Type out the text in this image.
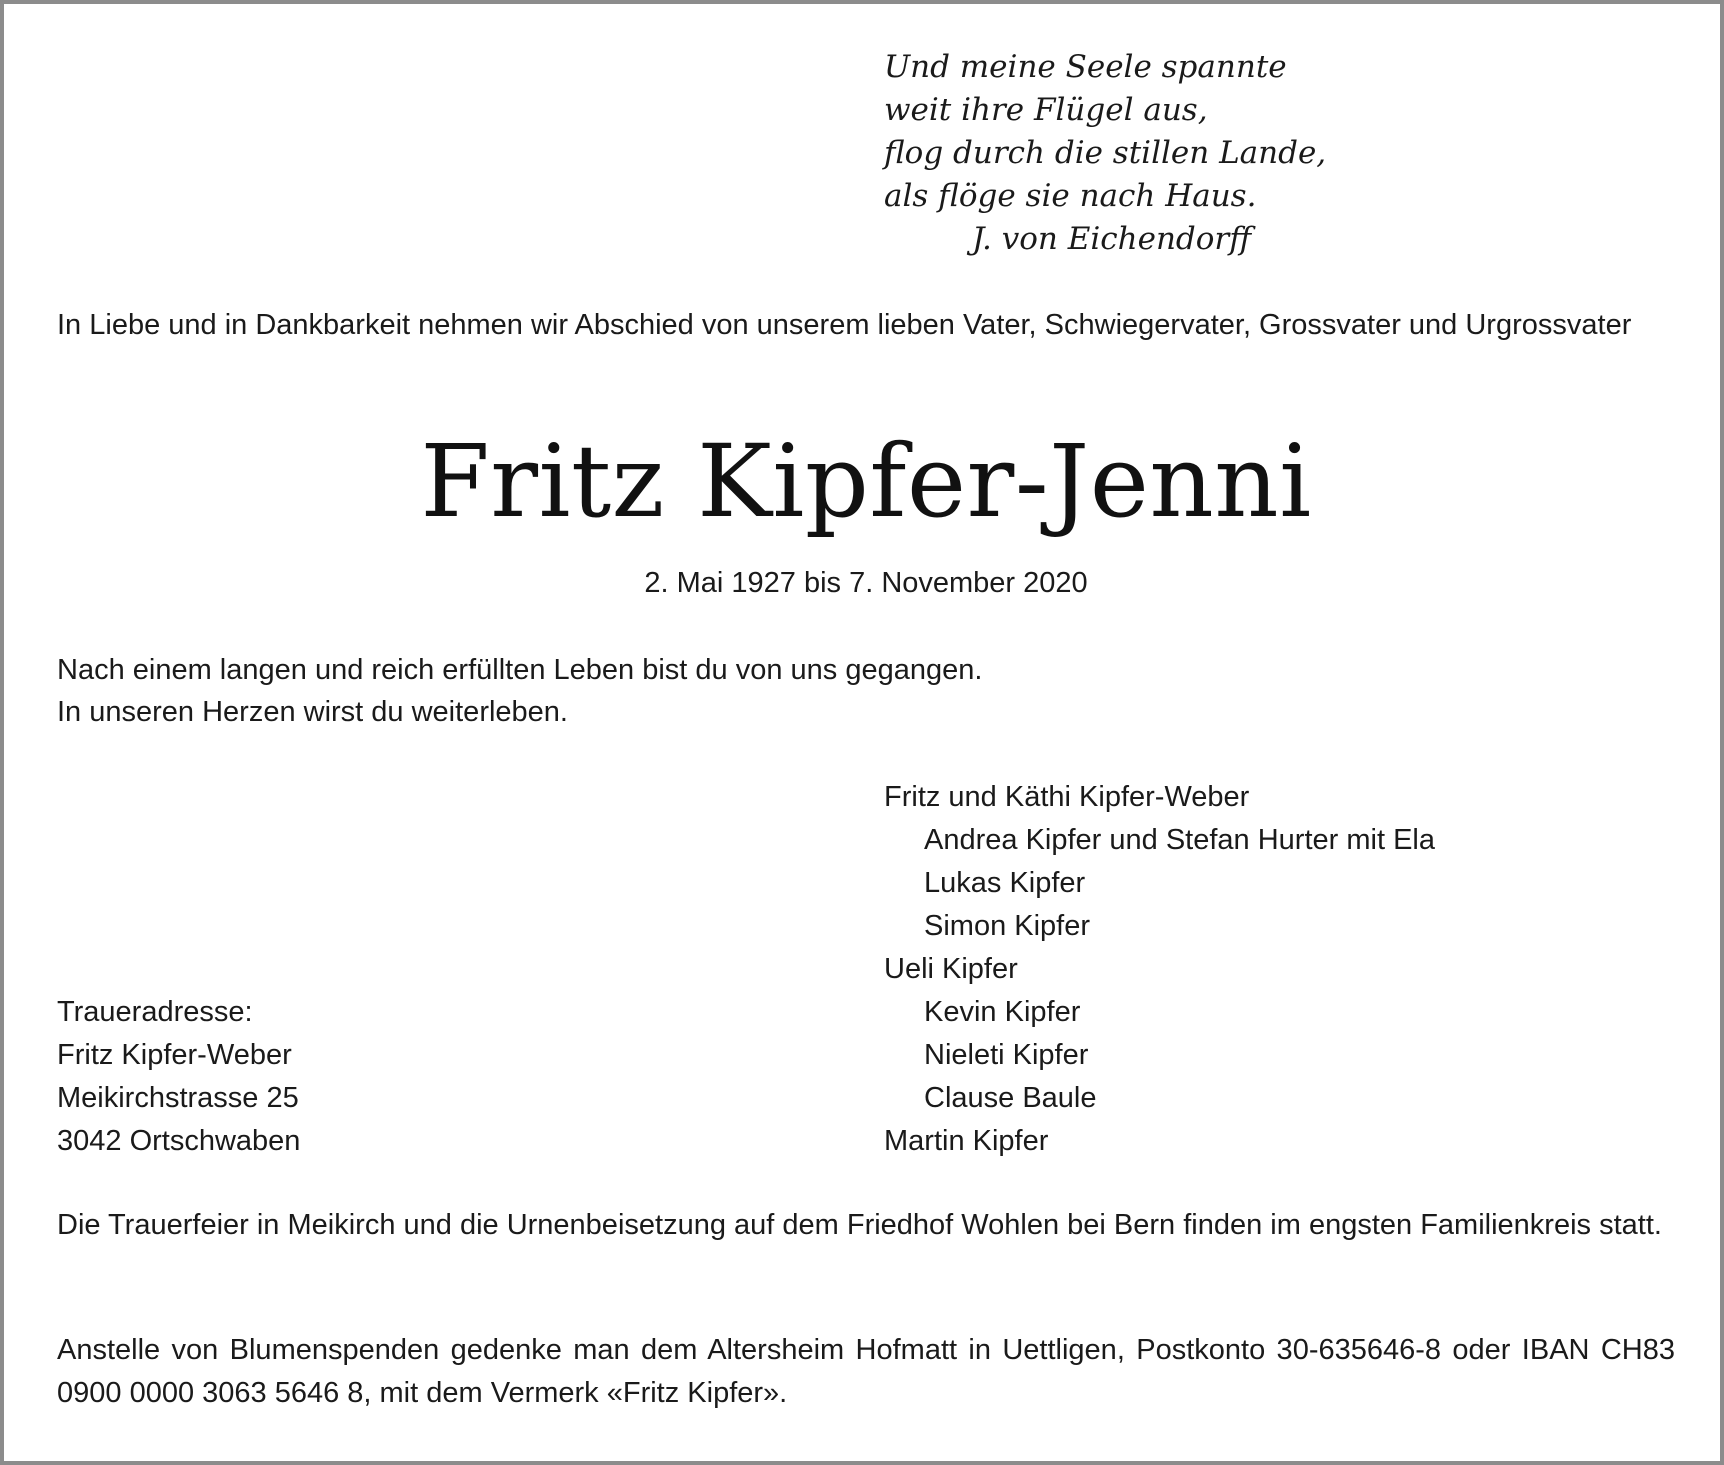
Und meine Seele spannte
weit ihre Flügel aus,
flog durch die stillen Lande,
als flöge sie nach Haus.
J. von Eichendorff
In Liebe und in Dankbarkeit nehmen wir Abschied von unserem lieben Vater, Schwiegervater, Grossvater und Urgrossvater
Fritz Kipfer-Jenni
2. Mai 1927 bis 7. November 2020
Nach einem langen und reich erfüllten Leben bist du von uns gegangen.
In unseren Herzen wirst du weiterleben.
Fritz und Käthi Kipfer-Weber
Andrea Kipfer und Stefan Hurter mit Ela
Lukas Kipfer
Simon Kipfer
Ueli Kipfer
Kevin Kipfer
Nieleti Kipfer
Clause Baule
Martin Kipfer
Traueradresse:
Fritz Kipfer-Weber
Meikirchstrasse 25
3042 Ortschwaben
Die Trauerfeier in Meikirch und die Urnenbeisetzung auf dem Friedhof Wohlen bei Bern finden im engsten Familienkreis statt.
Anstelle von Blumenspenden gedenke man dem Altersheim Hofmatt in Uettligen, Postkonto 30-635646-8 oder IBAN CH83 0900 0000 3063 5646 8, mit dem Vermerk «Fritz Kipfer».
